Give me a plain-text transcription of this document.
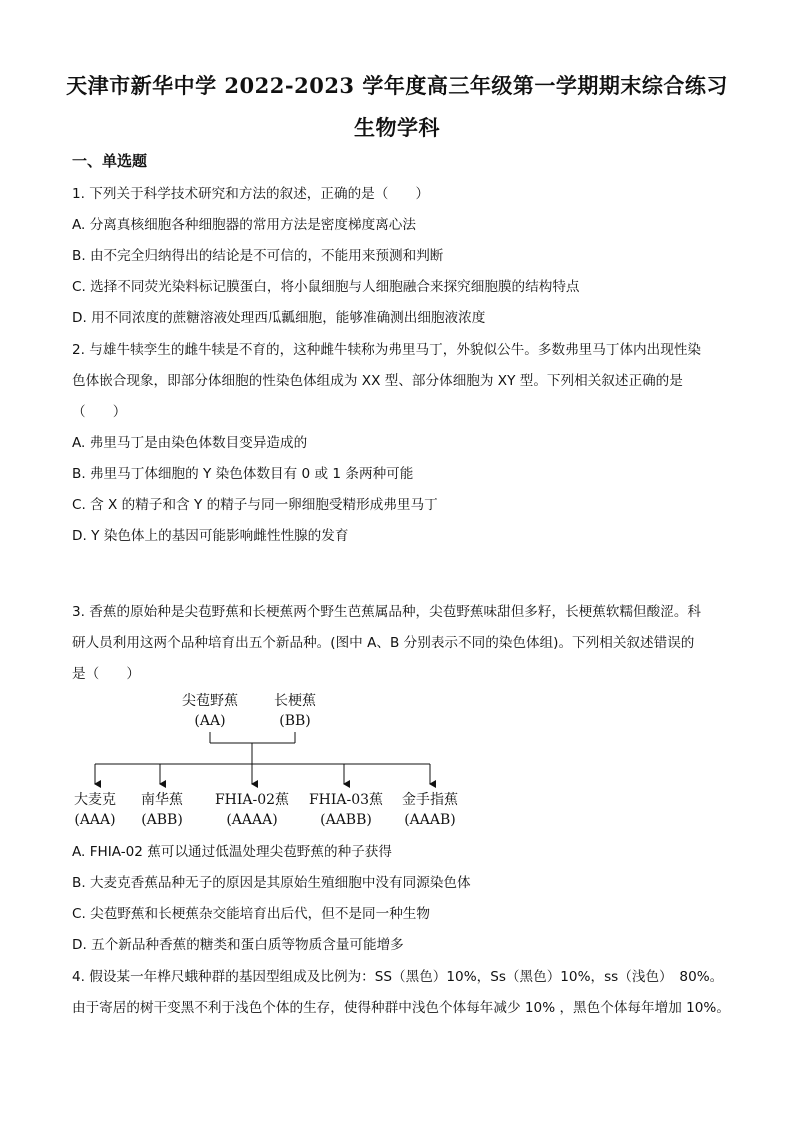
天津市新华中学 2022-2023 学年度高三年级第一学期期末综合练习
生物学科
一、单选题
1. 下列关于科学技术研究和方法的叙述，正确的是（　　）
A. 分离真核细胞各种细胞器的常用方法是密度梯度离心法
B. 由不完全归纳得出的结论是不可信的，不能用来预测和判断
C. 选择不同荧光染料标记膜蛋白，将小鼠细胞与人细胞融合来探究细胞膜的结构特点
D. 用不同浓度的蔗糖溶液处理西瓜瓤细胞，能够准确测出细胞液浓度
2. 与雄牛犊孪生的雌牛犊是不育的，这种雌牛犊称为弗里马丁，外貌似公牛。多数弗里马丁体内出现性染
色体嵌合现象，即部分体细胞的性染色体组成为 XX 型、部分体细胞为 XY 型。下列相关叙述正确的是
（　　）
A. 弗里马丁是由染色体数目变异造成的
B. 弗里马丁体细胞的 Y 染色体数目有 0 或 1 条两种可能
C. 含 X 的精子和含 Y 的精子与同一卵细胞受精形成弗里马丁
D. Y 染色体上的基因可能影响雌性性腺的发育
3. 香蕉的原始种是尖苞野蕉和长梗蕉两个野生芭蕉属品种，尖苞野蕉味甜但多籽，长梗蕉软糯但酸涩。科
研人员利用这两个品种培育出五个新品种。(图中 A、B 分别表示不同的染色体组)。下列相关叙述错误的
是（　　）
尖苞野蕉
(AA)
长梗蕉
(BB)
大麦克
(AAA)
南华蕉
(ABB)
FHIA-02蕉
(AAAA)
FHIA-03蕉
(AABB)
金手指蕉
(AAAB)
A. FHIA-02 蕉可以通过低温处理尖苞野蕉的种子获得
B. 大麦克香蕉品种无子的原因是其原始生殖细胞中没有同源染色体
C. 尖苞野蕉和长梗蕉杂交能培育出后代，但不是同一种生物
D. 五个新品种香蕉的糖类和蛋白质等物质含量可能增多
4. 假设某一年桦尺蛾种群的基因型组成及比例为：SS（黑色）10%，Ss（黑色）10%，ss（浅色）　80%。
由于寄居的树干变黑不利于浅色个体的生存，使得种群中浅色个体每年减少 10% ，黑色个体每年增加 10%。
